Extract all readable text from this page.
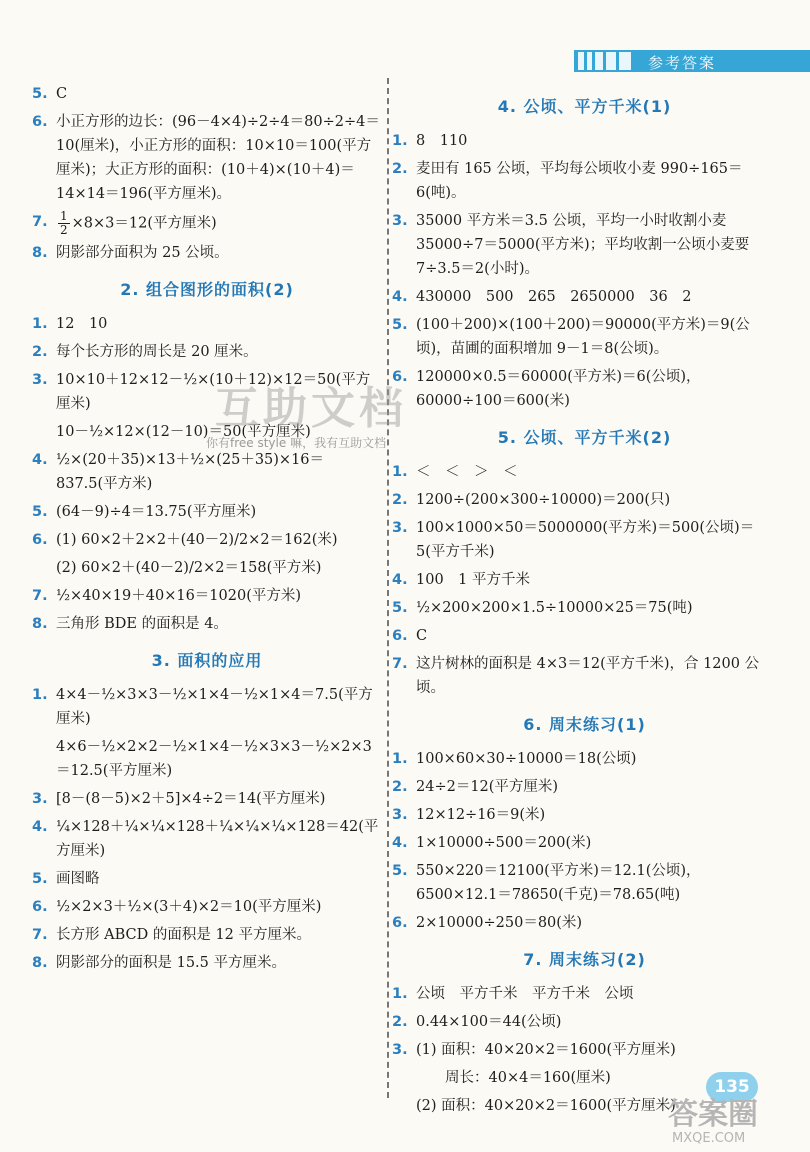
参考答案
5. C
6. 小正方形的边长：(96－4×4)÷2÷4＝80÷2÷4＝10(厘米)，小正方形的面积：10×10＝100(平方厘米)；大正方形的面积：(10＋4)×(10＋4)＝14×14＝196(平方厘米)。
7. $\frac{1}{2} \times 8\times 3=12$(平方厘米)
8. 阴影部分面积为 25 公顷。
2. 组合图形的面积(2)
1. 12　10
2. 每个长方形的周长是 20 厘米。
3. 10×10＋12×12－½×(10＋12)×12＝50(平方厘米)
10－½×12×(12－10)＝50(平方厘米)
4. ½×(20＋35)×13＋½×(25＋35)×16＝837.5(平方米)
5. (64－9)÷4＝13.75(平方厘米)
6. (1) 60×2＋2×2＋(40－2)/2×2＝162(米)
(2) 60×2＋(40－2)/2×2＝158(平方米)
7. ½×40×19＋40×16＝1020(平方米)
8. 三角形 BDE 的面积是 4。
3. 面积的应用
1. 4×4－½×3×3－½×1×4－½×1×4＝7.5(平方厘米)
4×6－½×2×2－½×1×4－½×3×3－½×2×3＝12.5(平方厘米)
3. [8－(8－5)×2＋5]×4÷2＝14(平方厘米)
4. ¼×128＋¼×¼×128＋¼×¼×¼×128＝42(平方厘米)
5. 画图略
6. ½×2×3＋½×(3＋4)×2＝10(平方厘米)
7. 长方形 ABCD 的面积是 12 平方厘米。
8. 阴影部分的面积是 15.5 平方厘米。
4. 公顷、平方千米(1)
1. 8　110
2. 麦田有 165 公顷，平均每公顷收小麦 990÷165＝6(吨)。
3. 35000 平方米＝3.5 公顷，平均一小时收割小麦 35000÷7＝5000(平方米)；平均收割一公顷小麦要 7÷3.5＝2(小时)。
4. 430000　500　265　2650000　36　2
5. (100＋200)×(100＋200)＝90000(平方米)＝9(公顷)，苗圃的面积增加 9－1＝8(公顷)。
6. 120000×0.5＝60000(平方米)＝6(公顷)，60000÷100＝600(米)
5. 公顷、平方千米(2)
1. ＜　＜　＞　＜
2. 1200÷(200×300÷10000)＝200(只)
3. 100×1000×50＝5000000(平方米)＝500(公顷)＝5(平方千米)
4. 100　1 平方千米
5. ½×200×200×1.5÷10000×25＝75(吨)
6. C
7. 这片树林的面积是 4×3＝12(平方千米)，合 1200 公顷。
6. 周末练习(1)
1. 100×60×30÷10000＝18(公顷)
2. 24÷2＝12(平方厘米)
3. 12×12÷16＝9(米)
4. 1×10000÷500＝200(米)
5. 550×220＝12100(平方米)＝12.1(公顷)，6500×12.1＝78650(千克)＝78.65(吨)
6. 2×10000÷250＝80(米)
7. 周末练习(2)
1. 公顷　平方千米　平方千米　公顷
2. 0.44×100＝44(公顷)
3. (1) 面积：40×20×2＝1600(平方厘米)
　　周长：40×4＝160(厘米)
(2) 面积：40×20×2＝1600(平方厘米)
互助文档
你有free style 嘛，我有互助文档
135
答案圈
MXQE.COM
